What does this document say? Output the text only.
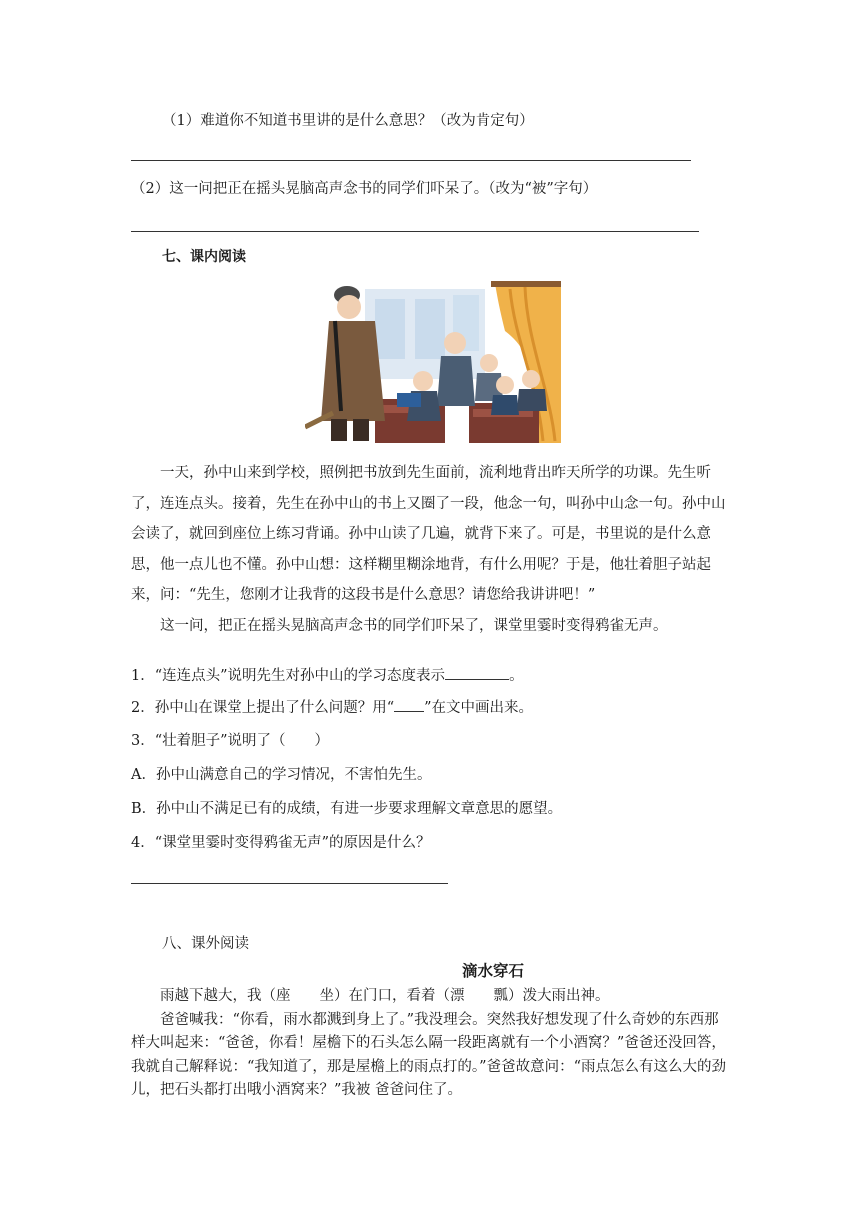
（1）难道你不知道书里讲的是什么意思？（改为肯定句）
（2）这一问把正在摇头晃脑高声念书的同学们吓呆了。（改为“被”字句）
七、课内阅读

一天，孙中山来到学校，照例把书放到先生面前，流利地背出昨天所学的功课。先生听了，连连点头。接着，先生在孙中山的书上又圈了一段，他念一句，叫孙中山念一句。孙中山会读了，就回到座位上练习背诵。孙中山读了几遍，就背下来了。可是，书里说的是什么意思，他一点儿也不懂。孙中山想：这样糊里糊涂地背，有什么用呢？于是，他壮着胆子站起来，问：“先生，您刚才让我背的这段书是什么意思？请您给我讲讲吧！”

这一问，把正在摇头晃脑高声念书的同学们吓呆了，课堂里霎时变得鸦雀无声。

1．“连连点头”说明先生对孙中山的学习态度表示	。
2．孙中山在课堂上提出了什么问题？用“ ”在文中画出来。
3．“壮着胆子”说明了（　　）
A．孙中山满意自己的学习情况，不害怕先生。
B．孙中山不满足已有的成绩，有进一步要求理解文章意思的愿望。
4．“课堂里霎时变得鸦雀无声”的原因是什么？
八、课外阅读
滴水穿石

雨越下越大，我（座　　坐）在门口，看着（漂　　瓢）泼大雨出神。

爸爸喊我：“你看，雨水都溅到身上了。”我没理会。突然我好想发现了什么奇妙的东西那样大叫起来：“爸爸，你看！屋檐下的石头怎么隔一段距离就有一个小酒窝？”爸爸还没回答，我就自己解释说：“我知道了，那是屋檐上的雨点打的。”爸爸故意问：“雨点怎么有这么大的劲儿，把石头都打出哦小酒窝来？”我被 爸爸问住了。
